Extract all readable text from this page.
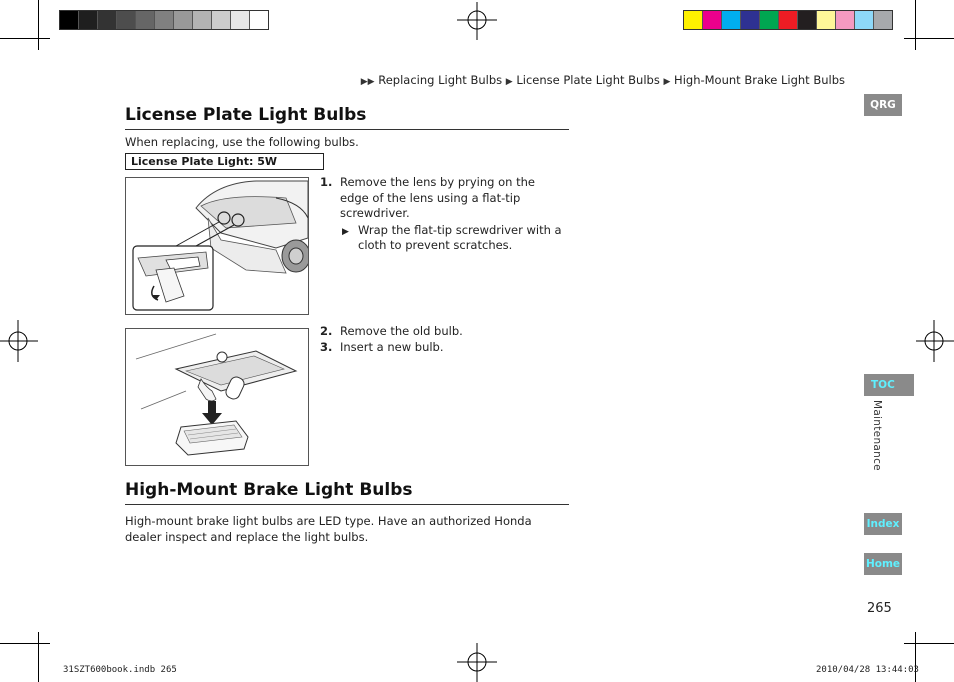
▶▶ Replacing Light Bulbs ▶ License Plate Light Bulbs ▶ High-Mount Brake Light Bulbs
License Plate Light Bulbs
When replacing, use the following bulbs.
License Plate Light: 5W
1. Remove the lens by prying on the edge of the lens using a flat-tip screwdriver.
▶ Wrap the flat-tip screwdriver with a cloth to prevent scratches.
2. Remove the old bulb.
3. Insert a new bulb.
High-Mount Brake Light Bulbs
High-mount brake light bulbs are LED type. Have an authorized Honda dealer inspect and replace the light bulbs.
QRG
TOC
Maintenance
Index
Home
265
31SZT600book.indb 265	2010/04/28 13:44:03
